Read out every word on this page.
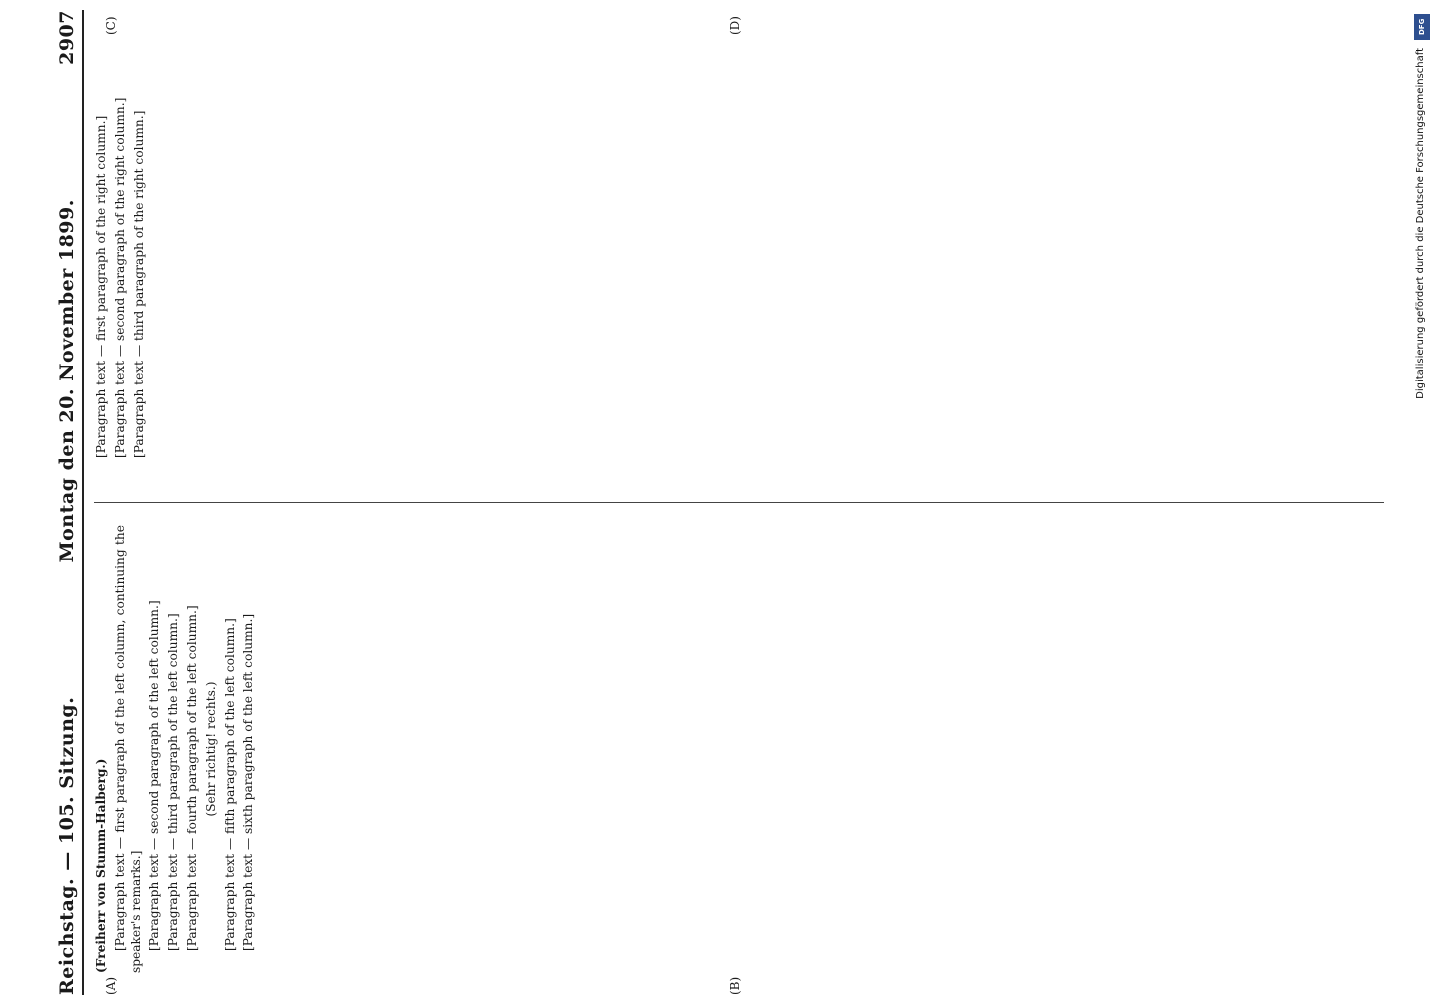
Reichstag. — 105. Sitzung.
Montag den 20. November 1899.
2907
(A)	(B)
(C)	(D)

(Freiherr von Stumm-Halberg.) [Paragraph text — first paragraph of the left column, continuing the speaker's remarks.] [Paragraph text — second paragraph of the left column.] [Paragraph text — third paragraph of the left column.] [Paragraph text — fourth paragraph of the left column.] (Sehr richtig! rechts.) [Paragraph text — fifth paragraph of the left column.] [Paragraph text — sixth paragraph of the left column.]

[Paragraph text — first paragraph of the right column.] [Paragraph text — second paragraph of the right column.] [Paragraph text — third paragraph of the right column.]

DFG
Digitalisierung gefördert durch die Deutsche Forschungsgemeinschaft
